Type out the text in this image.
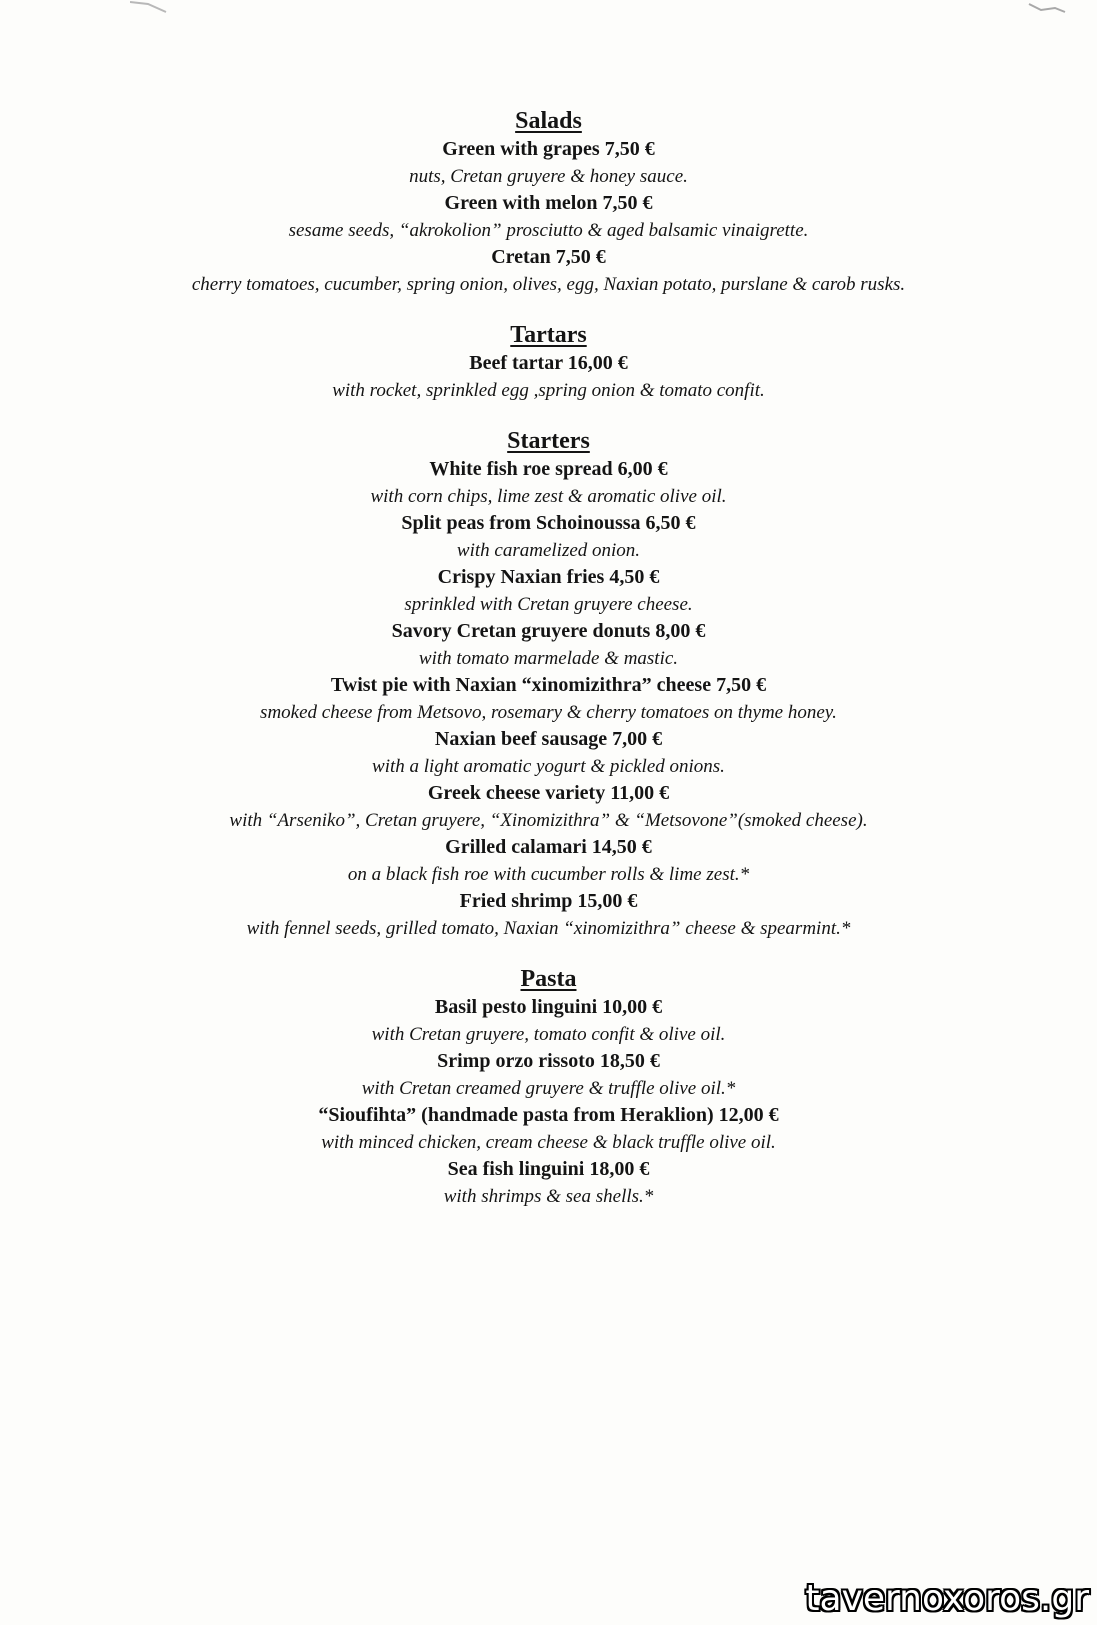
Salads
Green with grapes 7,50 €
nuts, Cretan gruyere & honey sauce.
Green with melon 7,50 €
sesame seeds, “akrokolion” prosciutto & aged balsamic vinaigrette.
Cretan 7,50 €
cherry tomatoes, cucumber, spring onion, olives, egg, Naxian potato, purslane & carob rusks.
Tartars
Beef tartar 16,00 €
with rocket, sprinkled egg ,spring onion & tomato confit.
Starters
White fish roe spread 6,00 €
with corn chips, lime zest & aromatic olive oil.
Split peas from Schoinoussa 6,50 €
with caramelized onion.
Crispy Naxian fries 4,50 €
sprinkled with Cretan gruyere cheese.
Savory Cretan gruyere donuts 8,00 €
with tomato marmelade & mastic.
Twist pie with Naxian “xinomizithra” cheese 7,50 €
smoked cheese from Metsovo, rosemary & cherry tomatoes on thyme honey.
Naxian beef sausage 7,00 €
with a light aromatic yogurt & pickled onions.
Greek cheese variety 11,00 €
with “Arseniko”, Cretan gruyere, “Xinomizithra” & “Metsovone”(smoked cheese).
Grilled calamari 14,50 €
on a black fish roe with cucumber rolls & lime zest.*
Fried shrimp 15,00 €
with fennel seeds, grilled tomato, Naxian “xinomizithra” cheese & spearmint.*
Pasta
Basil pesto linguini 10,00 €
with Cretan gruyere, tomato confit & olive oil.
Srimp orzo rissoto 18,50 €
with Cretan creamed gruyere & truffle olive oil.*
“Sioufihta” (handmade pasta from Heraklion) 12,00 €
with minced chicken, cream cheese & black truffle olive oil.
Sea fish linguini 18,00 €
with shrimps & sea shells.*
tavernoxoros.gr
